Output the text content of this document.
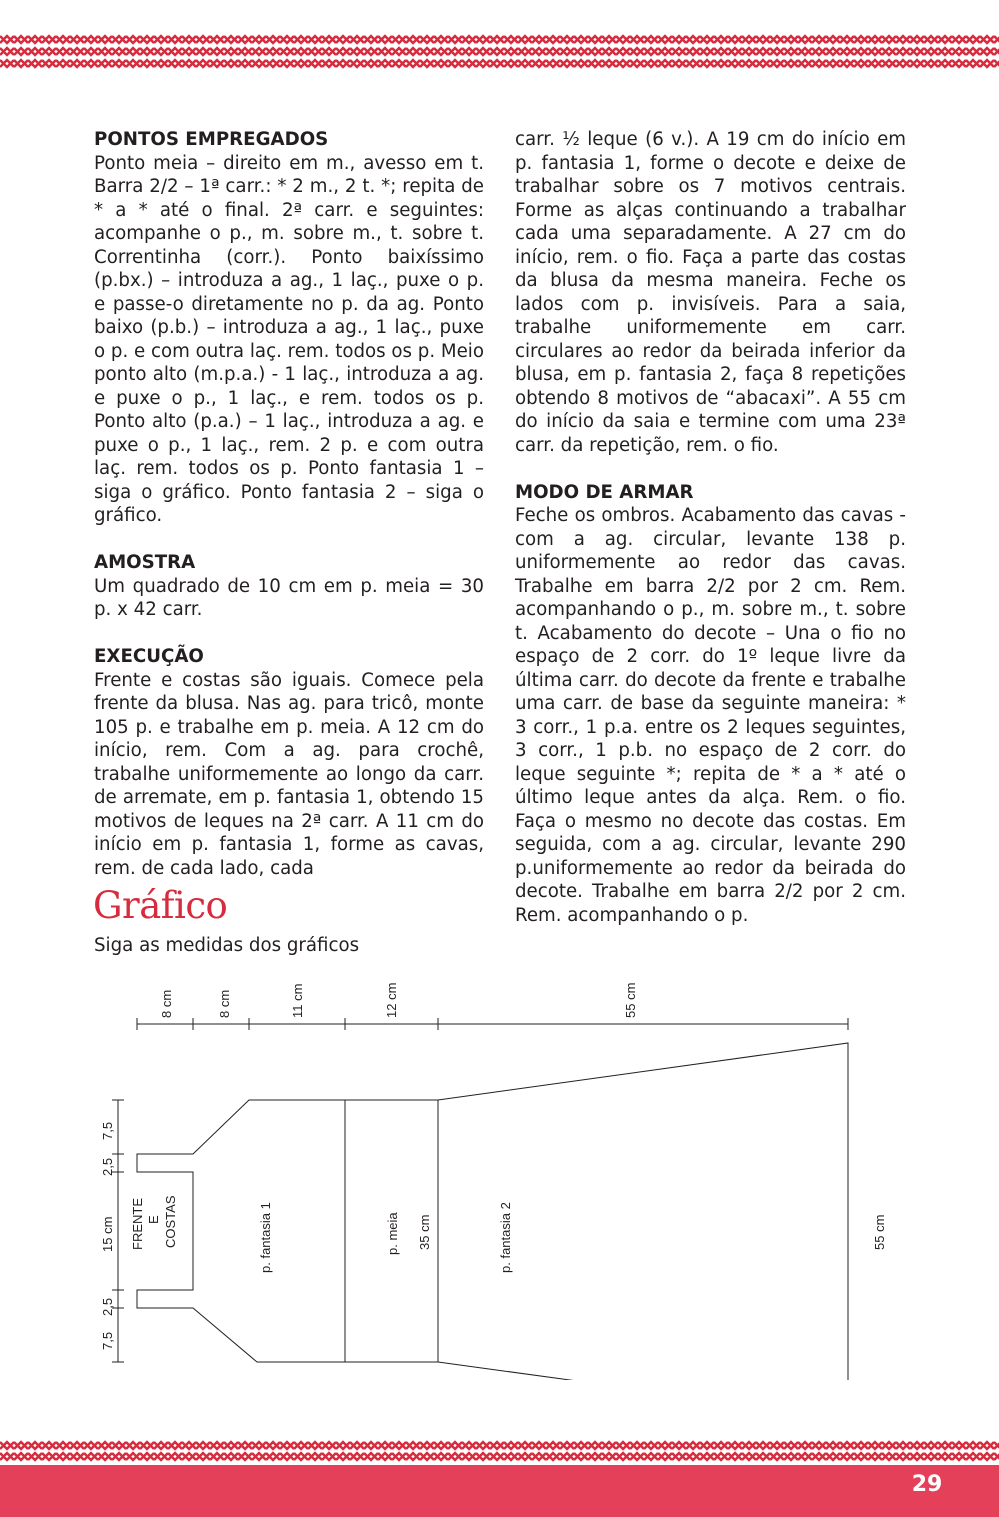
PONTOS EMPREGADOS

Ponto meia – direito em m., avesso em t. Barra 2/2 – 1ª carr.: * 2 m., 2 t. *; repita de * a * até o final. 2ª carr. e seguintes: acompanhe o p., m. sobre m., t. sobre t. Correntinha (corr.). Ponto baixíssimo (p.bx.) – introduza a ag., 1 laç., puxe o p. e passe-o diretamente no p. da ag. Ponto baixo (p.b.) – introduza a ag., 1 laç., puxe o p. e com outra laç. rem. todos os p. Meio ponto alto (m.p.a.) - 1 laç., introduza a ag. e puxe o p., 1 laç., e rem. todos os p. Ponto alto (p.a.) – 1 laç., introduza a ag. e puxe o p., 1 laç., rem. 2 p. e com outra laç. rem. todos os p. Ponto fantasia 1 – siga o gráfico. Ponto fantasia 2 – siga o gráfico.

AMOSTRA

Um quadrado de 10 cm em p. meia = 30 p. x 42 carr.

EXECUÇÃO

Frente e costas são iguais. Comece pela frente da blusa. Nas ag. para tricô, monte 105 p. e trabalhe em p. meia. A 12 cm do início, rem. Com a ag. para crochê, trabalhe uniformemente ao longo da carr. de arremate, em p. fantasia 1, obtendo 15 motivos de leques na 2ª carr. A 11 cm do início em p. fantasia 1, forme as cavas, rem. de cada lado, cada

carr. ½ leque (6 v.). A 19 cm do início em p. fantasia 1, forme o decote e deixe de trabalhar sobre os 7 motivos centrais. Forme as alças continuando a trabalhar cada uma separadamente. A 27 cm do início, rem. o fio. Faça a parte das costas da blusa da mesma maneira. Feche os lados com p. invisíveis. Para a saia, trabalhe uniformemente em carr. circulares ao redor da beirada inferior da blusa, em p. fantasia 2, faça 8 repetições obtendo 8 motivos de “abacaxi”. A 55 cm do início da saia e termine com uma 23ª carr. da repetição, rem. o fio.

MODO DE ARMAR

Feche os ombros. Acabamento das cavas - com a ag. circular, levante 138 p. uniformemente ao redor das cavas. Trabalhe em barra 2/2 por 2 cm. Rem. acompanhando o p., m. sobre m., t. sobre t. Acabamento do decote – Una o fio no espaço de 2 corr. do 1º leque livre da última carr. do decote da frente e trabalhe uma carr. de base da seguinte maneira: * 3 corr., 1 p.a. entre os 2 leques seguintes, 3 corr., 1 p.b. no espaço de 2 corr. do leque seguinte *; repita de * a * até o último leque antes da alça. Rem. o fio. Faça o mesmo no decote das costas. Em seguida, com a ag. circular, levante 290 p.uniformemente ao redor da beirada do decote. Trabalhe em barra 2/2 por 2 cm. Rem. acompanhando o p.

Gráfico
Siga as medidas dos gráficos
8 cm	8 cm	11 cm	12 cm	55 cm
7,5
2,5
15 cm
2,5
7,5
FRENTE E COSTAS	p. fantasia 1	p. meia 35 cm	p. fantasia 2	55 cm
29
